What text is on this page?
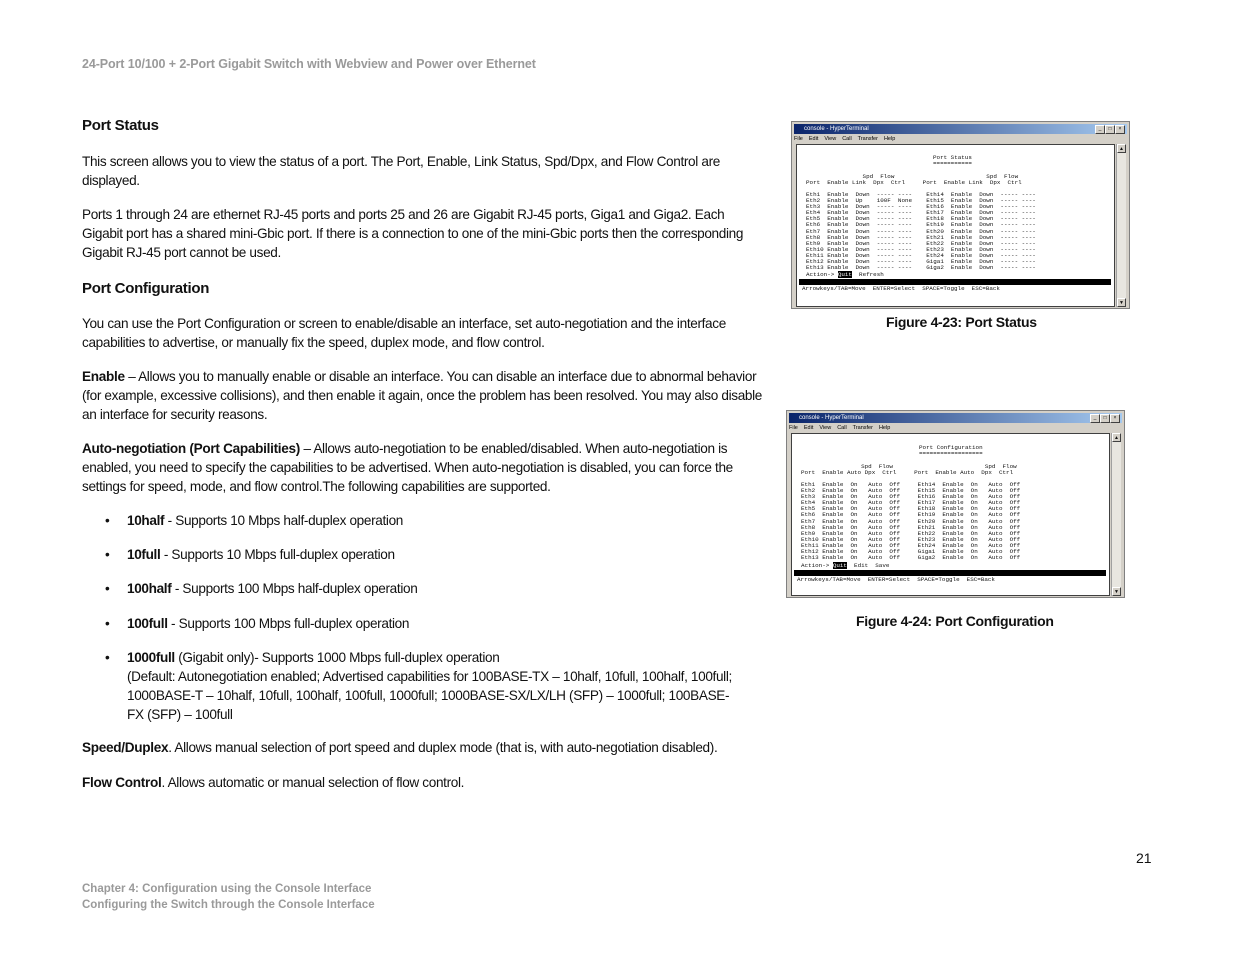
24-Port 10/100 + 2-Port Gigabit Switch with Webview and Power over Ethernet
Port Status
This screen allows you to view the status of a port. The Port, Enable, Link Status, Spd/Dpx, and Flow Control are displayed.
Ports 1 through 24 are ethernet RJ-45 ports and ports 25 and 26 are Gigabit RJ-45 ports, Giga1 and Giga2. Each Gigabit port has a shared mini-Gbic port. If there is a connection to one of the mini-Gbic ports then the corresponding Gigabit RJ-45 port cannot be used.
Port Configuration
You can use the Port Configuration or screen to enable/disable an interface, set auto-negotiation and the interface capabilities to advertise, or manually fix the speed, duplex mode, and flow control.
Enable – Allows you to manually enable or disable an interface. You can disable an interface due to abnormal behavior (for example, excessive collisions), and then enable it again, once the problem has been resolved. You may also disable an interface for security reasons.
Auto-negotiation (Port Capabilities) – Allows auto-negotiation to be enabled/disabled. When auto-negotiation is enabled, you need to specify the capabilities to be advertised. When auto-negotiation is disabled, you can force the settings for speed, mode, and flow control.The following capabilities are supported.
• 10half - Supports 10 Mbps half-duplex operation
• 10full - Supports 10 Mbps full-duplex operation
• 100half - Supports 100 Mbps half-duplex operation
• 100full - Supports 100 Mbps full-duplex operation
• 1000full (Gigabit only)- Supports 1000 Mbps full-duplex operation
(Default: Autonegotiation enabled; Advertised capabilities for 100BASE-TX – 10half, 10full, 100half, 100full; 1000BASE-T – 10half, 10full, 100half, 100full, 1000full; 1000BASE-SX/LX/LH (SFP) – 1000full; 100BASE-FX (SFP) – 100full
Speed/Duplex. Allows manual selection of port speed and duplex mode (that is, with auto-negotiation disabled).
Flow Control. Allows automatic or manual selection of flow control.
console - HyperTerminal	_	□	×
File Edit View Call Transfer Help
Port Status
===========
Spd  Flow                          Spd  Flow
Port  Enable Link  Dpx  Ctrl     Port  Enable Link  Dpx  Ctrl
Eth1  Enable  Down  ----- ----    Eth14  Enable  Down  ----- ----
Eth2  Enable  Up    100F  None    Eth15  Enable  Down  ----- ----
Eth3  Enable  Down  ----- ----    Eth16  Enable  Down  ----- ----
Eth4  Enable  Down  ----- ----    Eth17  Enable  Down  ----- ----
Eth5  Enable  Down  ----- ----    Eth18  Enable  Down  ----- ----
Eth6  Enable  Down  ----- ----    Eth19  Enable  Down  ----- ----
Eth7  Enable  Down  ----- ----    Eth20  Enable  Down  ----- ----
Eth8  Enable  Down  ----- ----    Eth21  Enable  Down  ----- ----
Eth9  Enable  Down  ----- ----    Eth22  Enable  Down  ----- ----
Eth10 Enable  Down  ----- ----    Eth23  Enable  Down  ----- ----
Eth11 Enable  Down  ----- ----    Eth24  Enable  Down  ----- ----
Eth12 Enable  Down  ----- ----    Giga1  Enable  Down  ----- ----
Eth13 Enable  Down  ----- ----    Giga2  Enable  Down  ----- ----
Action-> Quit  Refresh
Arrowkeys/TAB=Move  ENTER=Select  SPACE=Toggle  ESC=Back
▲
▼
Figure 4-23: Port Status
console - HyperTerminal	_	□	×
File Edit View Call Transfer Help
Port Configuration
==================
Spd  Flow                          Spd  Flow
Port  Enable Auto Dpx  Ctrl     Port  Enable Auto  Dpx  Ctrl
Eth1  Enable  On   Auto  Off     Eth14  Enable  On   Auto  Off
Eth2  Enable  On   Auto  Off     Eth15  Enable  On   Auto  Off
Eth3  Enable  On   Auto  Off     Eth16  Enable  On   Auto  Off
Eth4  Enable  On   Auto  Off     Eth17  Enable  On   Auto  Off
Eth5  Enable  On   Auto  Off     Eth18  Enable  On   Auto  Off
Eth6  Enable  On   Auto  Off     Eth19  Enable  On   Auto  Off
Eth7  Enable  On   Auto  Off     Eth20  Enable  On   Auto  Off
Eth8  Enable  On   Auto  Off     Eth21  Enable  On   Auto  Off
Eth9  Enable  On   Auto  Off     Eth22  Enable  On   Auto  Off
Eth10 Enable  On   Auto  Off     Eth23  Enable  On   Auto  Off
Eth11 Enable  On   Auto  Off     Eth24  Enable  On   Auto  Off
Eth12 Enable  On   Auto  Off     Giga1  Enable  On   Auto  Off
Eth13 Enable  On   Auto  Off     Giga2  Enable  On   Auto  Off
Action-> Quit  Edit  Save
Arrowkeys/TAB=Move  ENTER=Select  SPACE=Toggle  ESC=Back
▲
▼
Figure 4-24: Port Configuration
21
Chapter 4: Configuration using the Console Interface
Configuring the Switch through the Console Interface
